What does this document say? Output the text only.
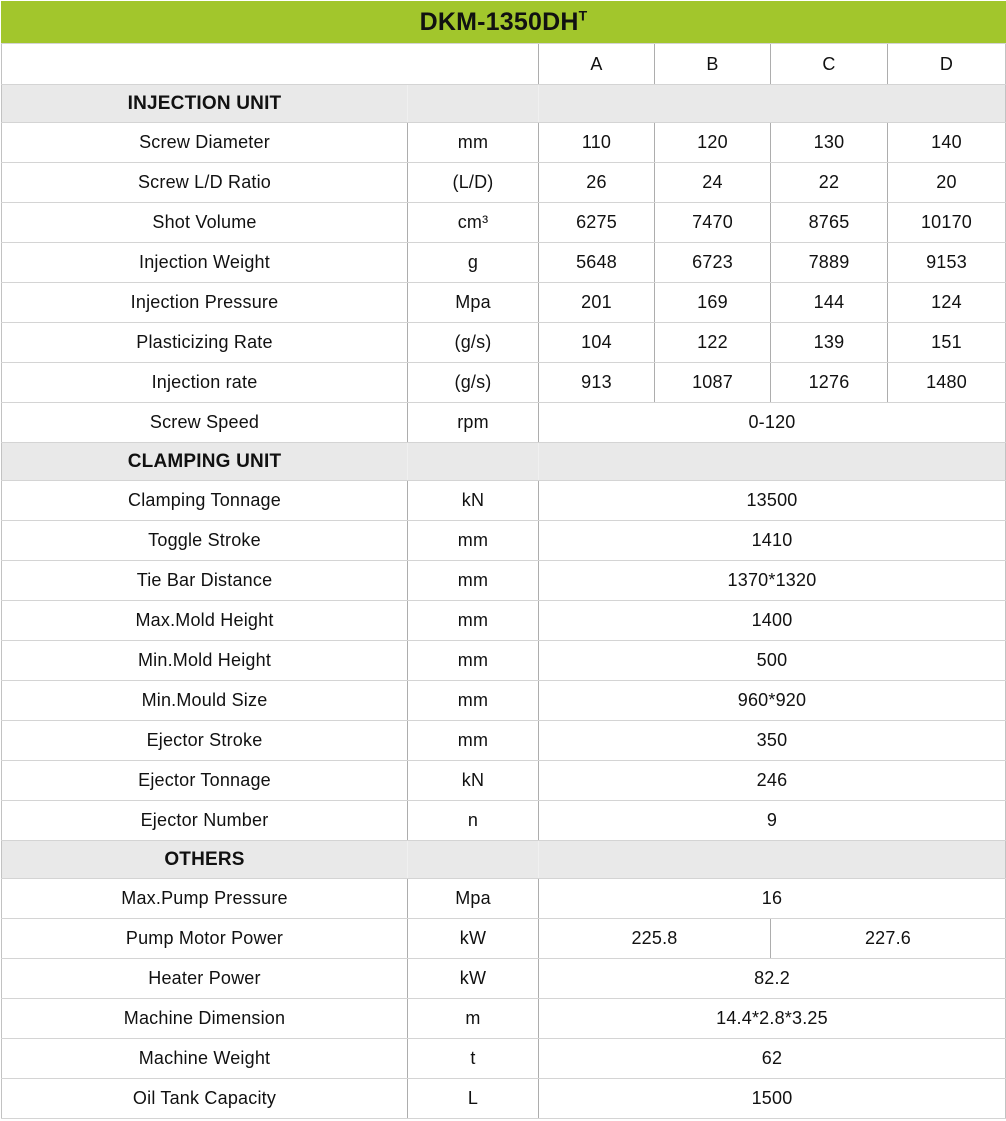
DKM-$1350DH^T$
		A	B	C	D
INJECTION UNIT					
Screw Diameter	mm	110	120	130	140
Screw L/D Ratio	(L/D)	26	24	22	20
Shot Volume	cm³	6275	7470	8765	10170
Injection Weight	g	5648	6723	7889	9153
Injection Pressure	Mpa	201	169	144	124
Plasticizing Rate	(g/s)	104	122	139	151
Injection rate	(g/s)	913	1087	1276	1480
Screw Speed	rpm	0-120			
CLAMPING UNIT					
Clamping Tonnage	kN	13500			
Toggle Stroke	mm	1410			
Tie Bar Distance	mm	1370*1320			
Max.Mold Height	mm	1400			
Min.Mold Height	mm	500			
Min.Mould Size	mm	960*920			
Ejector Stroke	mm	350			
Ejector Tonnage	kN	246			
Ejector Number	n	9			
OTHERS					
Max.Pump Pressure	Mpa	16			
Pump Motor Power	kW	225.8		227.6	
Heater Power	kW	82.2			
Machine Dimension	m	14.4*2.8*3.25			
Machine Weight	t	62			
Oil Tank Capacity	L	1500			
